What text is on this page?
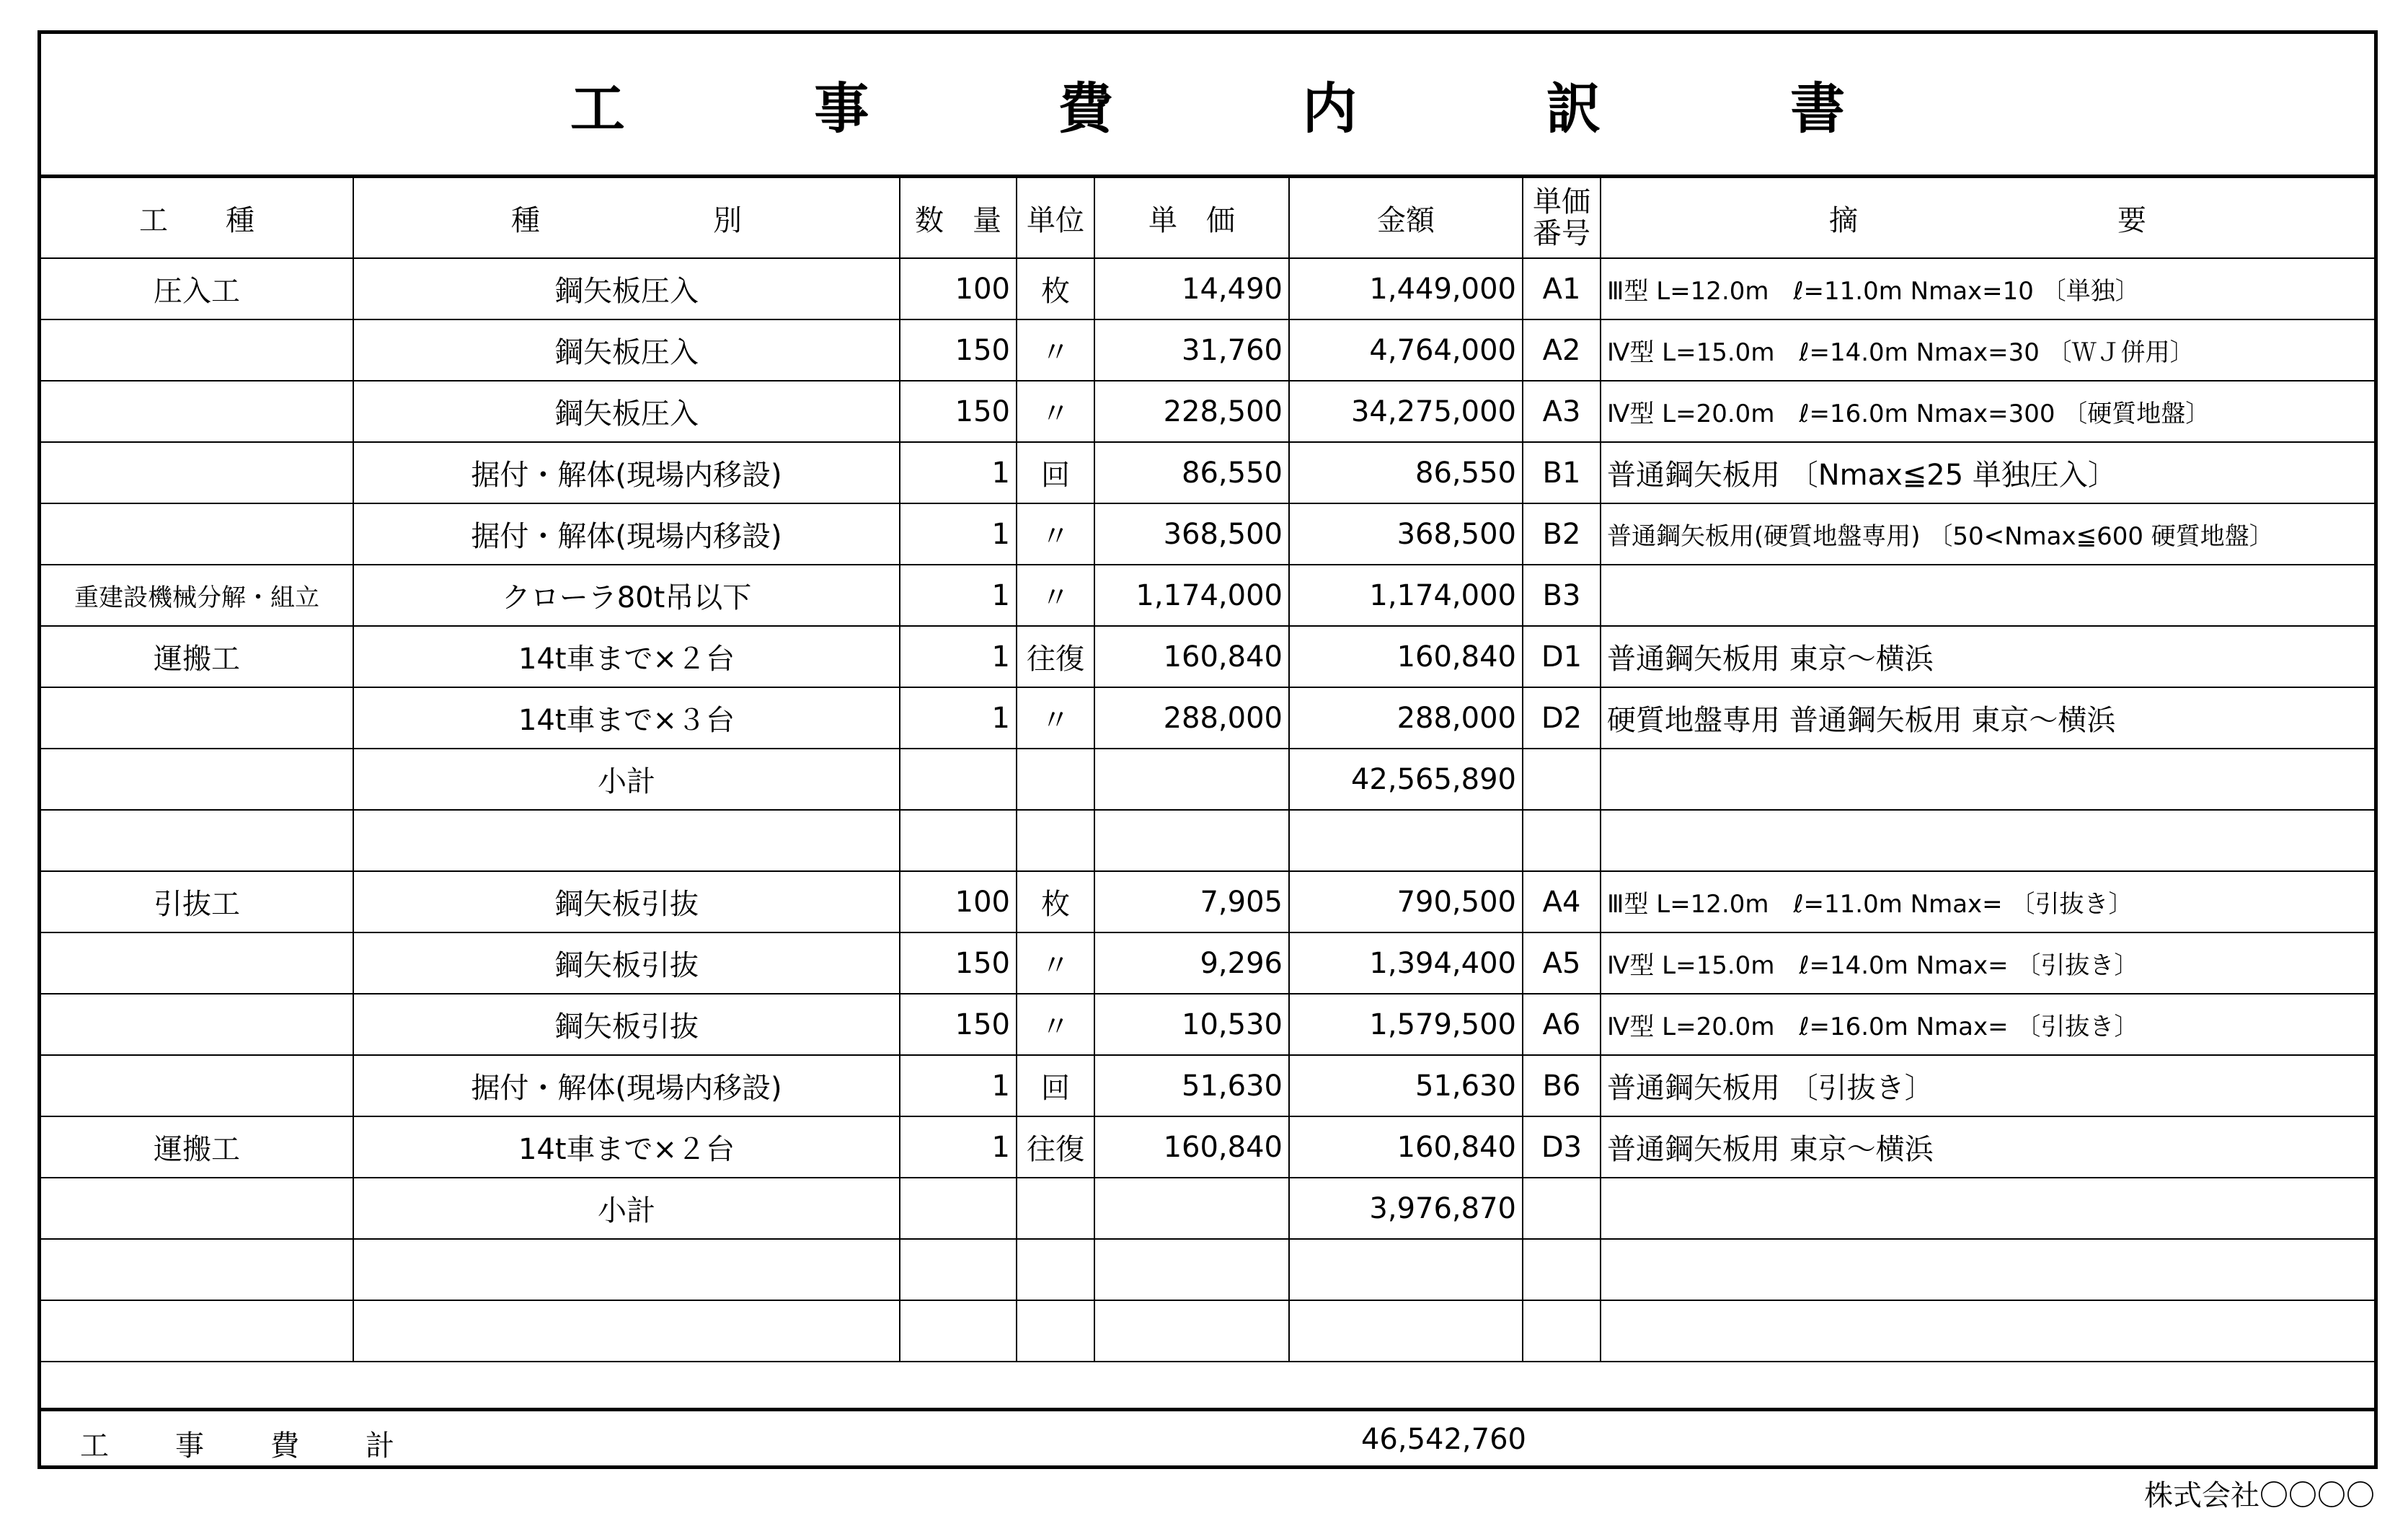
工 事 費 内 訳 書
工　　種	種　　　　　　別	数　量	単位	単　価	金額	単価
番号	摘　　　　　　　　　要
圧入工	鋼矢板圧入	100	枚	14,490	1,449,000	A1	Ⅲ型 L=12.0m　ℓ=11.0m Nmax=10 〔単独〕
	鋼矢板圧入	150	〃	31,760	4,764,000	A2	Ⅳ型 L=15.0m　ℓ=14.0m Nmax=30 〔ＷＪ併用〕
	鋼矢板圧入	150	〃	228,500	34,275,000	A3	Ⅳ型 L=20.0m　ℓ=16.0m Nmax=300 〔硬質地盤〕
	据付・解体(現場内移設)	1	回	86,550	86,550	B1	普通鋼矢板用 〔Nmax≦25 単独圧入〕
	据付・解体(現場内移設)	1	〃	368,500	368,500	B2	普通鋼矢板用(硬質地盤専用) 〔50<Nmax≦600 硬質地盤〕
重建設機械分解・組立	クローラ80t吊以下	1	〃	1,174,000	1,174,000	B3	
運搬工	14t車まで×２台	1	往復	160,840	160,840	D1	普通鋼矢板用 東京～横浜
	14t車まで×３台	1	〃	288,000	288,000	D2	硬質地盤専用 普通鋼矢板用 東京～横浜
	小計				42,565,890		

引抜工	鋼矢板引抜	100	枚	7,905	790,500	A4	Ⅲ型 L=12.0m　ℓ=11.0m Nmax= 〔引抜き〕
	鋼矢板引抜	150	〃	9,296	1,394,400	A5	Ⅳ型 L=15.0m　ℓ=14.0m Nmax= 〔引抜き〕
	鋼矢板引抜	150	〃	10,530	1,579,500	A6	Ⅳ型 L=20.0m　ℓ=16.0m Nmax= 〔引抜き〕
	据付・解体(現場内移設)	1	回	51,630	51,630	B6	普通鋼矢板用 〔引抜き〕
運搬工	14t車まで×２台	1	往復	160,840	160,840	D3	普通鋼矢板用 東京～横浜
	小計				3,976,870		

工　事　費　計	46,542,760
株式会社〇〇〇〇
